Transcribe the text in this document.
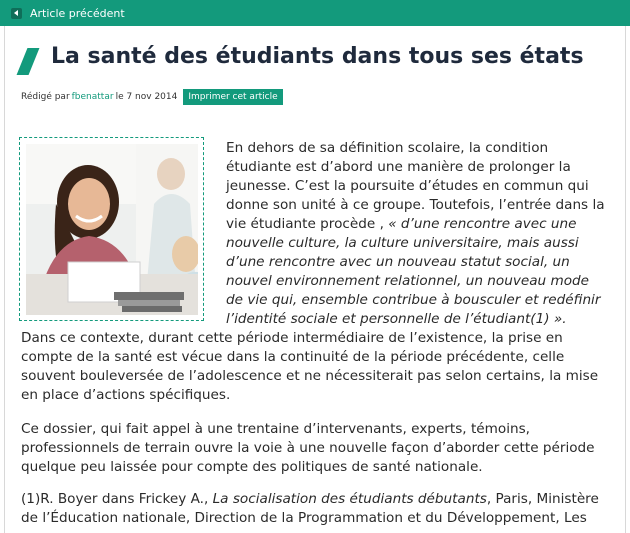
Article précédent
La santé des étudiants dans tous ses états
Rédigé par fbenattar le 7 nov 2014	Imprimer cet article

En dehors de sa définition scolaire, la condition étudiante est d’abord une manière de prolonger la jeunesse. C’est la poursuite d’études en commun qui donne son unité à ce groupe. Toutefois, l’entrée dans la vie étudiante procède , « d’une rencontre avec une nouvelle culture, la culture universitaire, mais aussi d’une rencontre avec un nouveau statut social, un nouvel environnement relationnel, un nouveau mode de vie qui, ensemble contribue à bousculer et redéfinir l’identité sociale et personnelle de l’étudiant(1) ».

Dans ce contexte, durant cette période intermédiaire de l’existence, la prise en compte de la santé est vécue dans la continuité de la période précédente, celle souvent bouleversée de l’adolescence et ne nécessiterait pas selon certains, la mise en place d’actions spécifiques.

Ce dossier, qui fait appel à une trentaine d’intervenants, experts, témoins, professionnels de terrain ouvre la voie à une nouvelle façon d’aborder cette période quelque peu laissée pour compte des politiques de santé nationale.

(1)R. Boyer dans Frickey A., La socialisation des étudiants débutants, Paris, Ministère de l’Éducation nationale, Direction de la Programmation et du Développement, Les
